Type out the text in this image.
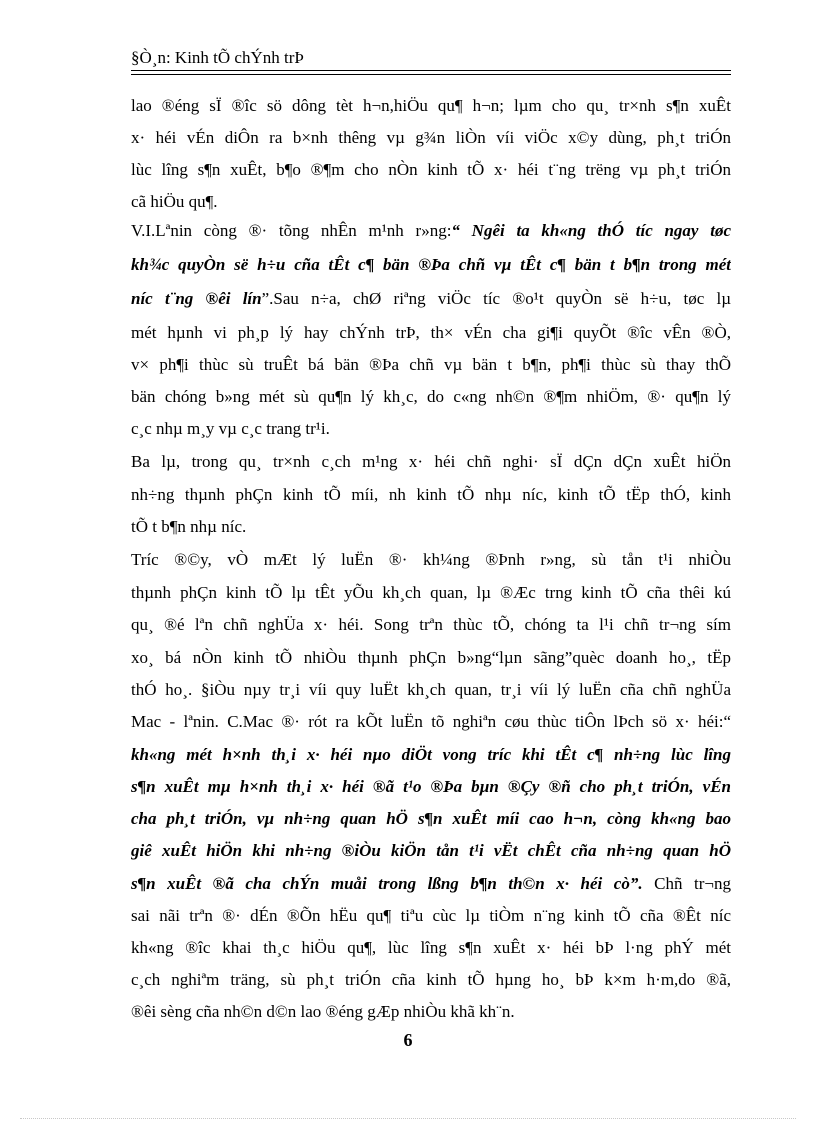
§Ò¸n: Kinh tÕ chÝnh trÞ
lao ®éng sÏ ®îc sö dông tèt h¬n,hiÖu qu¶ h¬n; lµm cho qu¸ tr×nh s¶n xuÊt
x· héi vÉn diÔn ra b×nh thêng vµ g¾n liÒn víi viÖc x©y dùng, ph¸t triÓn
lùc lîng s¶n xuÊt, b¶o ®¶m cho nÒn kinh tÕ x· héi t¨ng trëng vµ ph¸t triÓn
cã hiÖu qu¶.
V.I.Lªnin còng ®· tõng nhÊn m¹nh r»ng:“ Ngêi ta kh«ng thÓ tíc ngay tøc
kh¾c quyÒn së h÷u cña tÊt c¶ bän ®Þa chñ vµ tÊt c¶ bän t b¶n trong mét
níc t¨ng ®êi lín”.Sau n÷a, chØ riªng viÖc tíc ®o¹t quyÒn së h÷u, tøc lµ
mét hµnh vi ph¸p lý hay chÝnh trÞ, th× vÉn cha gi¶i quyÕt ®îc vÊn ®Ò,
v× ph¶i thùc sù truÊt bá bän ®Þa chñ vµ bän t b¶n, ph¶i thùc sù thay thÕ
bän chóng b»ng mét sù qu¶n lý kh¸c, do c«ng nh©n ®¶m nhiÖm, ®· qu¶n lý
c¸c nhµ m¸y vµ c¸c trang tr¹i.
Ba lµ, trong qu¸ tr×nh c¸ch m¹ng x· héi chñ nghi· sÏ dÇn dÇn xuÊt hiÖn
nh÷ng thµnh phÇn kinh tÕ míi, nh kinh tÕ nhµ níc, kinh tÕ tËp thÓ, kinh
tÕ t b¶n nhµ níc.
Tríc ®©y, vÒ mÆt lý luËn ®· kh¼ng ®Þnh r»ng, sù tån t¹i nhiÒu
thµnh phÇn kinh tÕ lµ tÊt yÕu kh¸ch quan, lµ ®Æc trng kinh tÕ cña thêi kú
qu¸ ®é lªn chñ nghÜa x· héi. Song trªn thùc tÕ, chóng ta l¹i chñ tr¬ng sím
xo¸ bá nÒn kinh tÕ nhiÒu thµnh phÇn b»ng“lµn sãng”quèc doanh ho¸, tËp
thÓ ho¸. §iÒu nµy tr¸i víi quy luËt kh¸ch quan, tr¸i víi lý luËn cña chñ nghÜa
Mac - lªnin. C.Mac ®· rót ra kÕt luËn tõ nghiªn cøu thùc tiÔn lÞch sö x· héi:“
kh«ng mét h×nh th¸i x· héi nµo diÖt vong tríc khi tÊt c¶ nh÷ng lùc lîng
s¶n xuÊt mµ h×nh th¸i x· héi ®ã t¹o ®Þa bµn ®Çy ®ñ cho ph¸t triÓn, vÉn
cha ph¸t triÓn, vµ nh÷ng quan hÖ s¶n xuÊt míi cao h¬n, còng kh«ng bao
giê xuÊt hiÖn khi nh÷ng ®iÒu kiÖn tån t¹i vËt chÊt cña nh÷ng quan hÖ
s¶n xuÊt ®ã cha chÝn muåi trong lßng b¶n th©n x· héi cò”. Chñ tr¬ng
sai nãi trªn ®· dÉn ®Õn hËu qu¶ tiªu cùc lµ tiÒm n¨ng kinh tÕ cña ®Êt níc
kh«ng ®îc khai th¸c hiÖu qu¶, lùc lîng s¶n xuÊt x· héi bÞ l·ng phÝ mét
c¸ch nghiªm träng, sù ph¸t triÓn cña kinh tÕ hµng ho¸ bÞ k×m h·m,do ®ã,
®êi sèng cña nh©n d©n lao ®éng gÆp nhiÒu khã kh¨n.
6
